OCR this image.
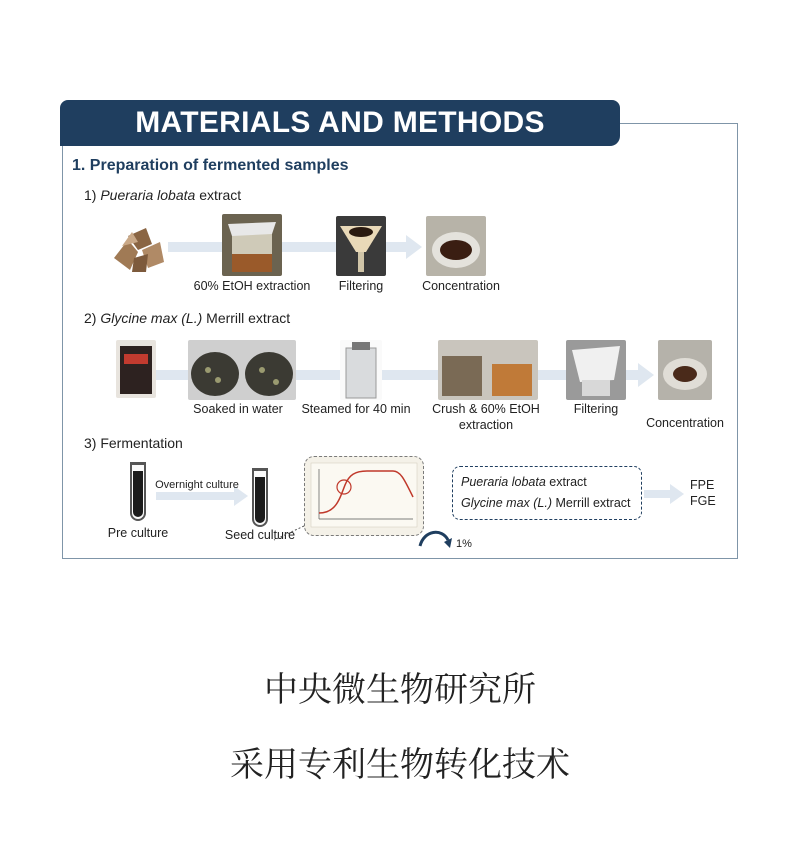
MATERIALS AND METHODS
1. Preparation of fermented samples
1) Pueraria lobata extract
60% EtOH extraction	Filtering	Concentration
2) Glycine max (L.) Merrill extract
Soaked in water	Steamed for 40 min	Crush & 60% EtOH
extraction
Filtering
Concentration
3) Fermentation
Pre culture
Overnight culture
Seed culture
1%
Pueraria lobata extract
Glycine max (L.) Merrill extract
FPE
FGE
中央微生物研究所
采用专利生物转化技术
